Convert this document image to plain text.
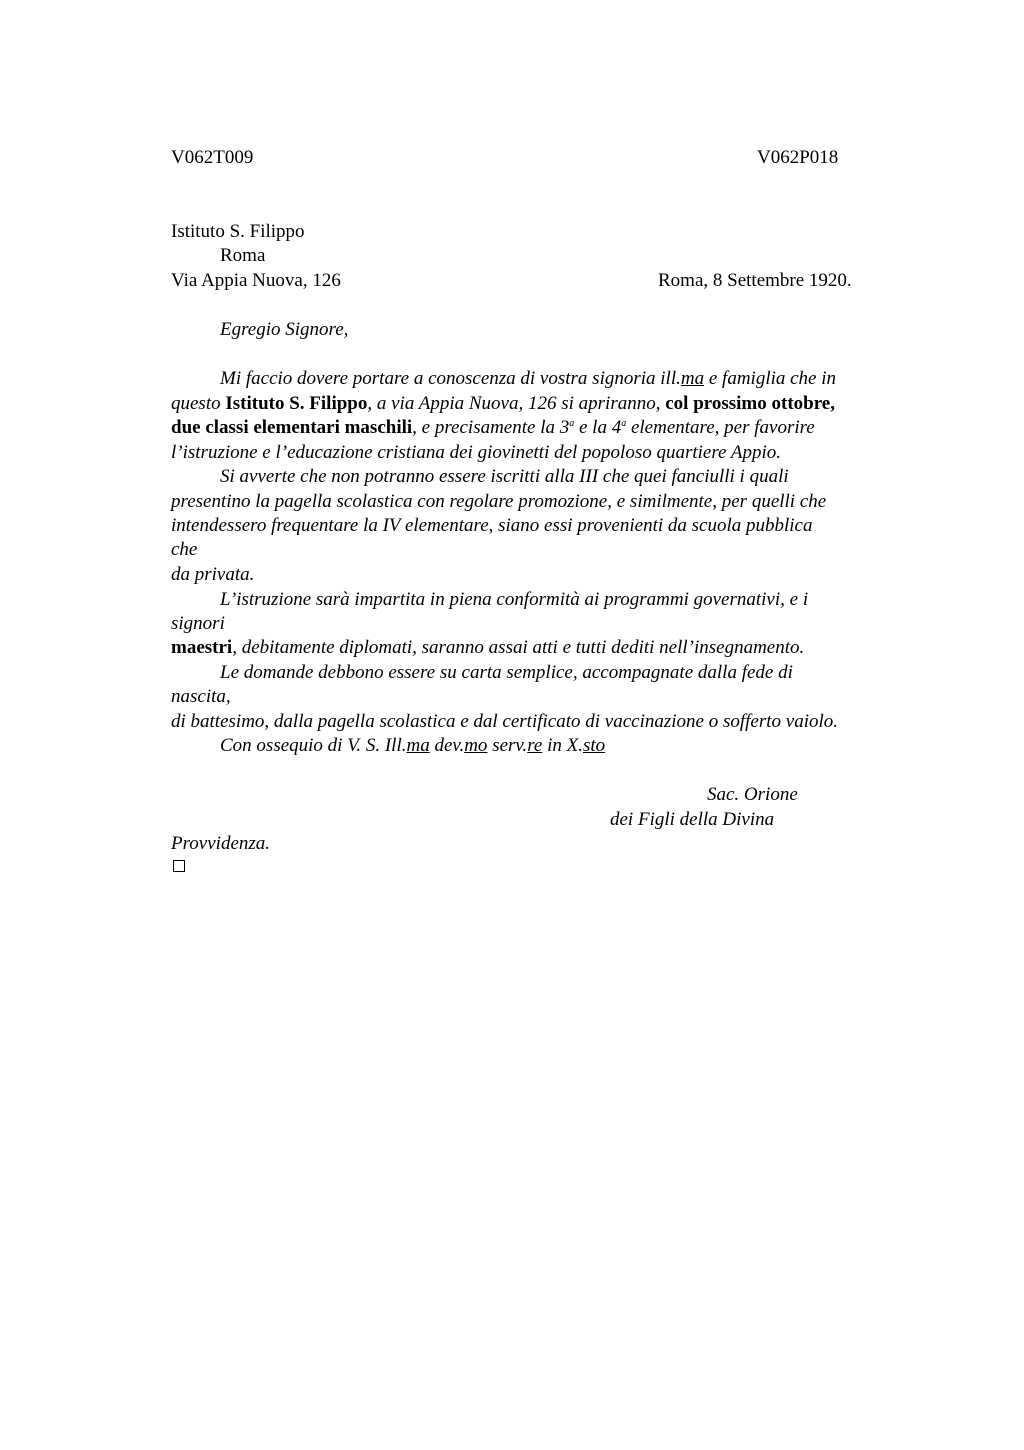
V062T009	V062P018
Istituto S. Filippo
Roma
Via Appia Nuova, 126	Roma, 8 Settembre 1920.
Egregio Signore,
Mi faccio dovere portare a conoscenza di vostra signoria ill.ma e famiglia che in
questo Istituto S. Filippo, a via Appia Nuova, 126 si apriranno, col prossimo ottobre,
due classi elementari maschili, e precisamente la 3$^a$ e la 4$^a$ elementare, per favorire
l’istruzione e l’educazione cristiana dei giovinetti del popoloso quartiere Appio.
Si avverte che non potranno essere iscritti alla III che quei fanciulli i quali
presentino la pagella scolastica con regolare promozione, e similmente, per quelli che
intendessero frequentare la IV elementare, siano essi provenienti da scuola pubblica
che
da privata.
L’istruzione sarà impartita in piena conformità ai programmi governativi, e i
signori
maestri, debitamente diplomati, saranno assai atti e tutti dediti nell’insegnamento.
Le domande debbono essere su carta semplice, accompagnate dalla fede di
nascita,
di battesimo, dalla pagella scolastica e dal certificato di vaccinazione o sofferto vaiolo.
Con ossequio di V. S. Ill.ma dev.mo serv.re in X.sto
Sac. Orione
dei Figli della Divina
Provvidenza.
